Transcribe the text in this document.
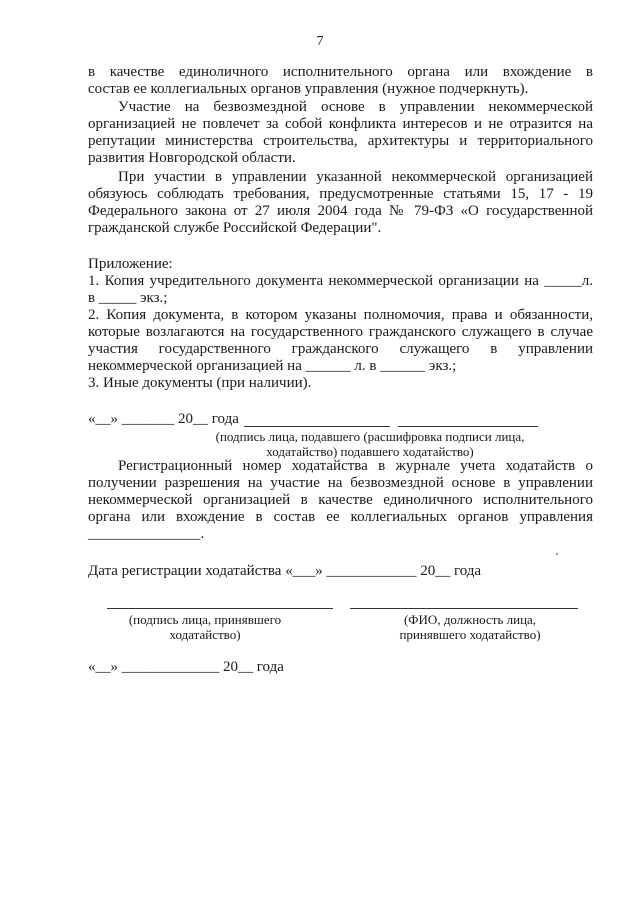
7
в качестве единоличного исполнительного органа или вхождение в
состав ее коллегиальных органов управления (нужное подчеркнуть).
Участие на безвозмездной основе в управлении некоммерческой
организацией не повлечет за собой конфликта интересов и не отразится на
репутации министерства строительства, архитектуры и территориального
развития Новгородской области.
При участии в управлении указанной некоммерческой организацией
обязуюсь соблюдать требования, предусмотренные статьями 15, 17 - 19
Федерального закона от 27 июля 2004 года № 79-ФЗ «О государственной
гражданской службе Российской Федерации".
Приложение:
1. Копия учредительного документа некоммерческой организации на _____л.
в _____ экз.;
2. Копия документа, в котором указаны полномочия, права и обязанности,
которые возлагаются на государственного гражданского служащего в случае
участия государственного гражданского служащего в управлении
некоммерческой организацией на ______ л. в ______ экз.;
3. Иные документы (при наличии).
«__» _______ 20__ года
(подпись лица, подавшего (расшифровка подписи лица,
ходатайство) подавшего ходатайство)
Регистрационный номер ходатайства в журнале учета ходатайств о
получении разрешения на участие на безвозмездной основе в управлении
некоммерческой организацией в качестве единоличного исполнительного
органа или вхождение в состав ее коллегиальных органов управления
_______________.
Дата регистрации ходатайства «___» ____________ 20__ года
(подпись лица, принявшего
ходатайство)
(ФИО, должность лица,
принявшего ходатайство)
«__» _____________ 20__ года
